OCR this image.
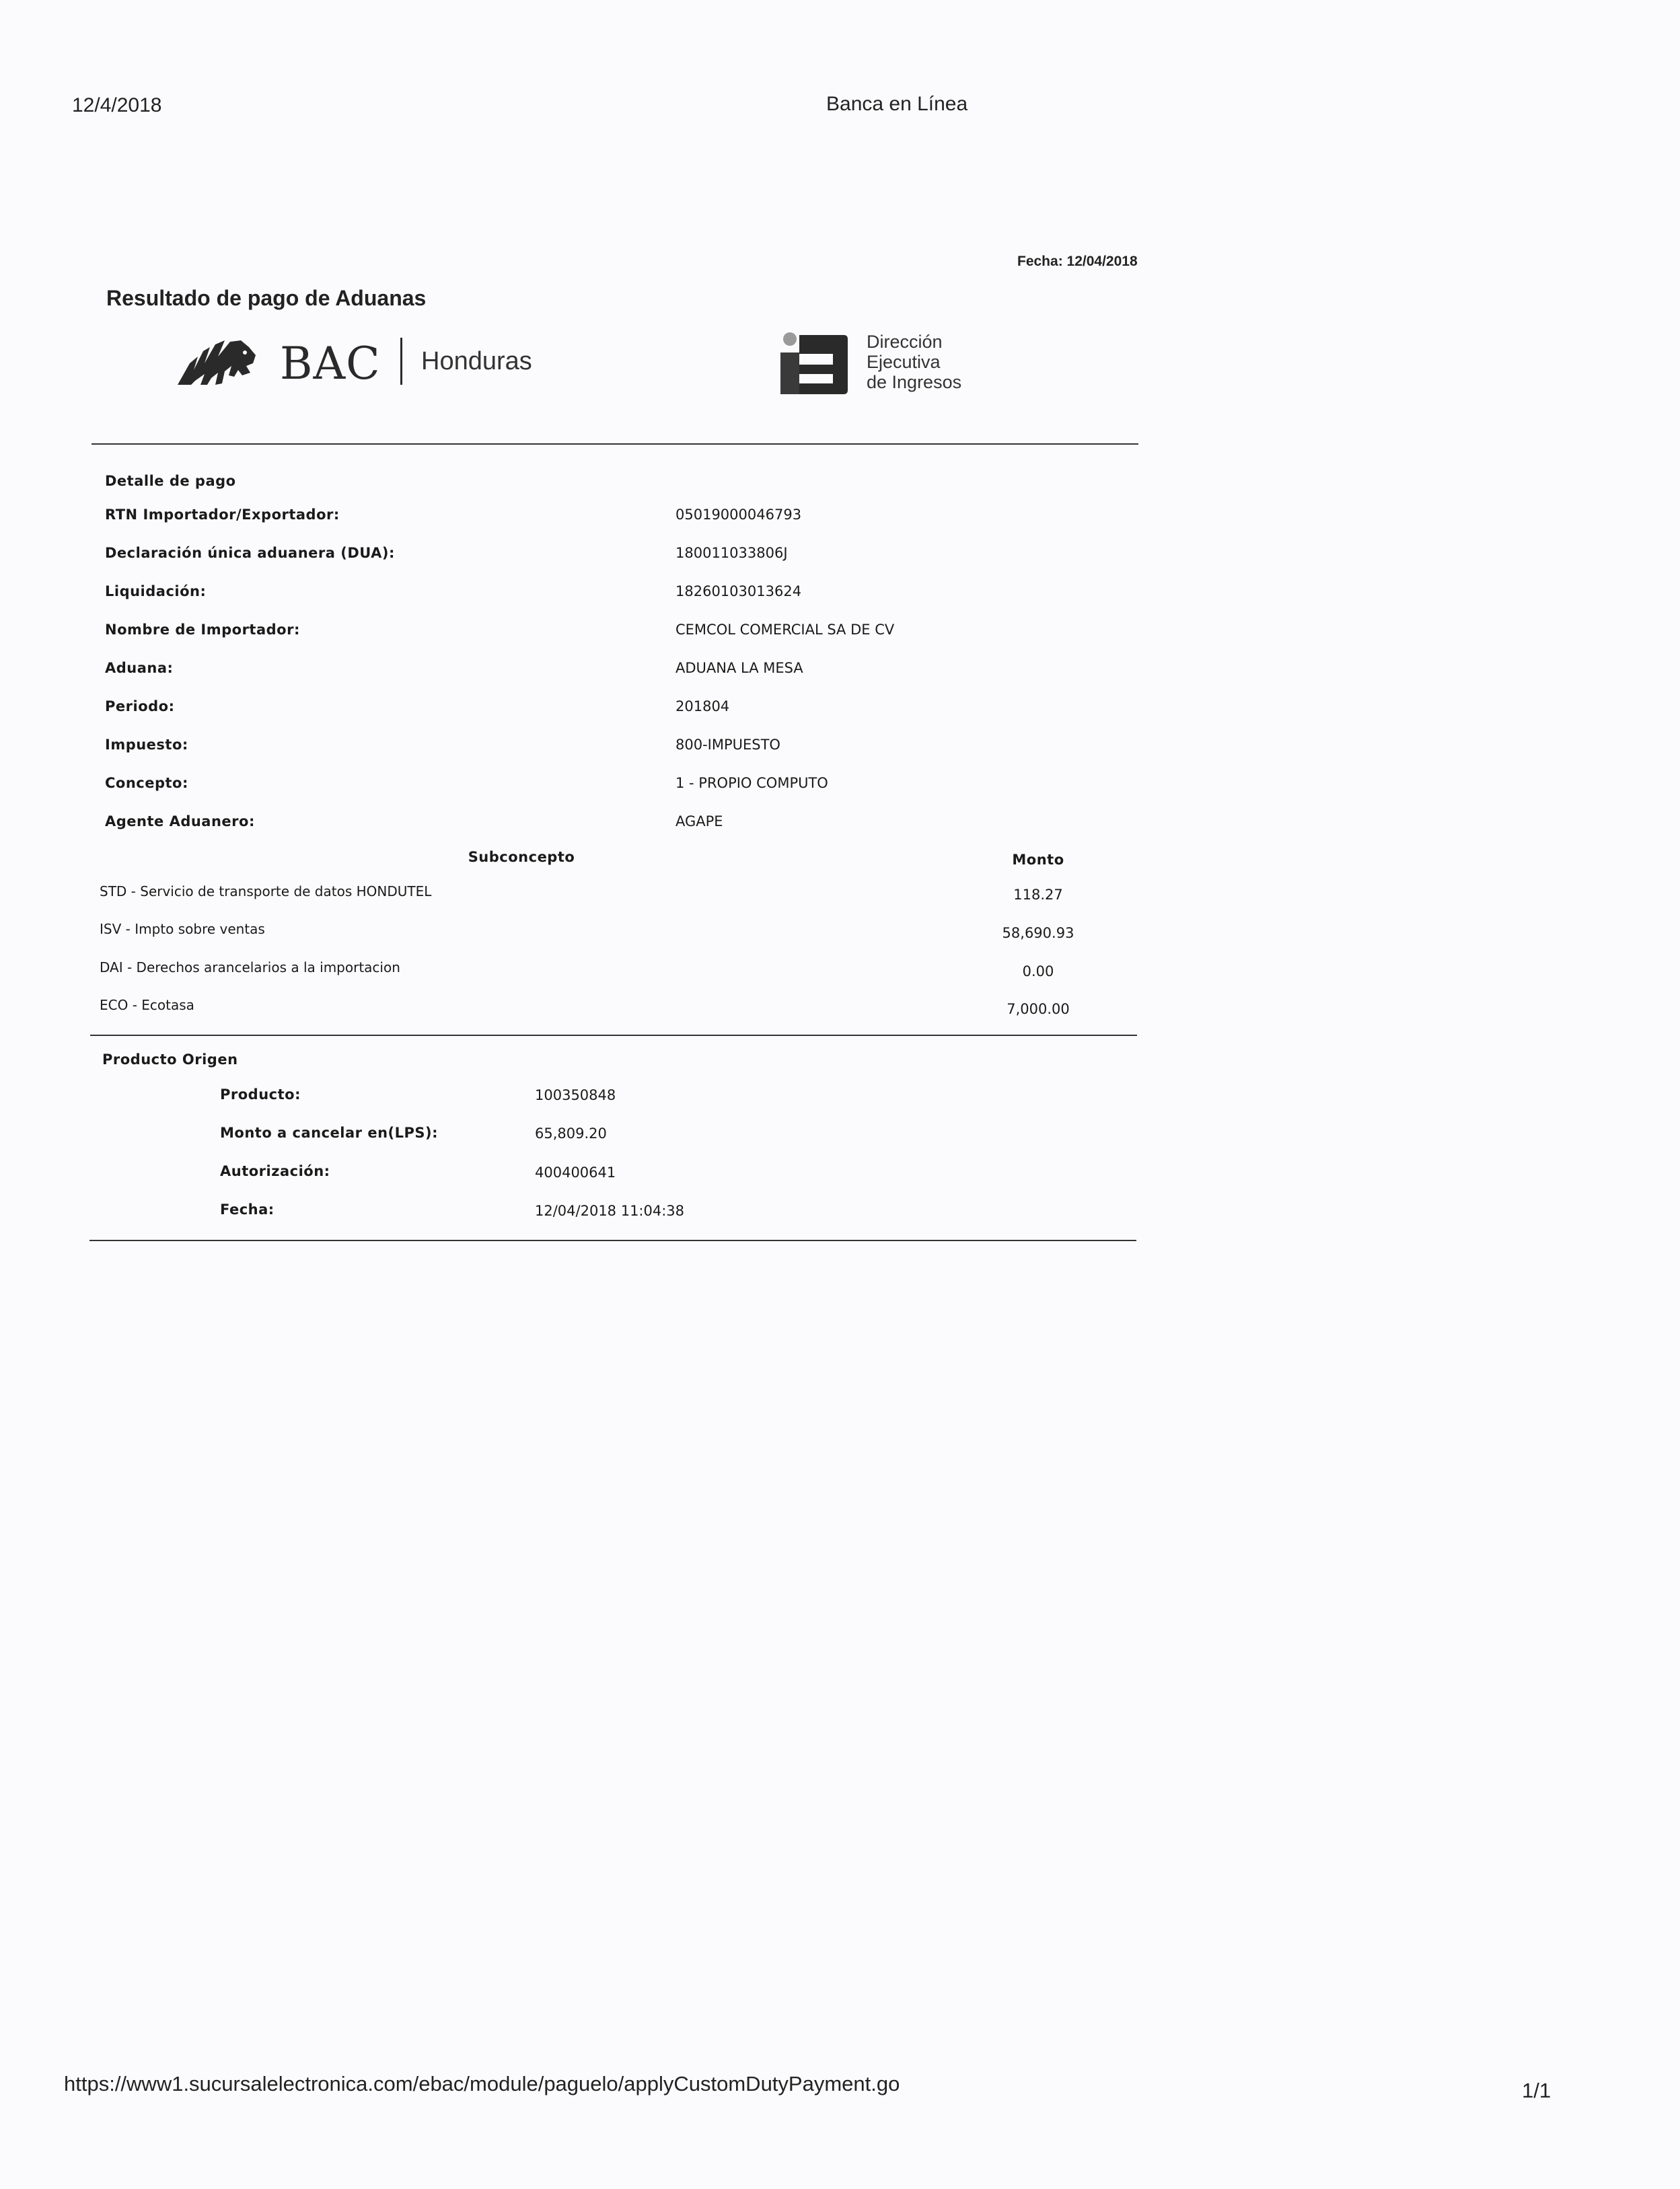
12/4/2018	Banca en Línea
Fecha: 12/04/2018
Resultado de pago de Aduanas
BAC Honduras
Dirección
Ejecutiva
de Ingresos
Detalle de pago
RTN Importador/Exportador:	05019000046793
Declaración única aduanera (DUA):	180011033806J
Liquidación:	18260103013624
Nombre de Importador:	CEMCOL COMERCIAL SA DE CV
Aduana:	ADUANA LA MESA
Periodo:	201804
Impuesto:	800-IMPUESTO
Concepto:	1 - PROPIO COMPUTO
Agente Aduanero:	AGAPE
Subconcepto	Monto
STD - Servicio de transporte de datos HONDUTEL	118.27
ISV - Impto sobre ventas	58,690.93
DAI - Derechos arancelarios a la importacion	0.00
ECO - Ecotasa	7,000.00
Producto Origen
Producto:	100350848
Monto a cancelar en(LPS):	65,809.20
Autorización:	400400641
Fecha:	12/04/2018 11:04:38
https://www1.sucursalelectronica.com/ebac/module/paguelo/applyCustomDutyPayment.go	1/1
